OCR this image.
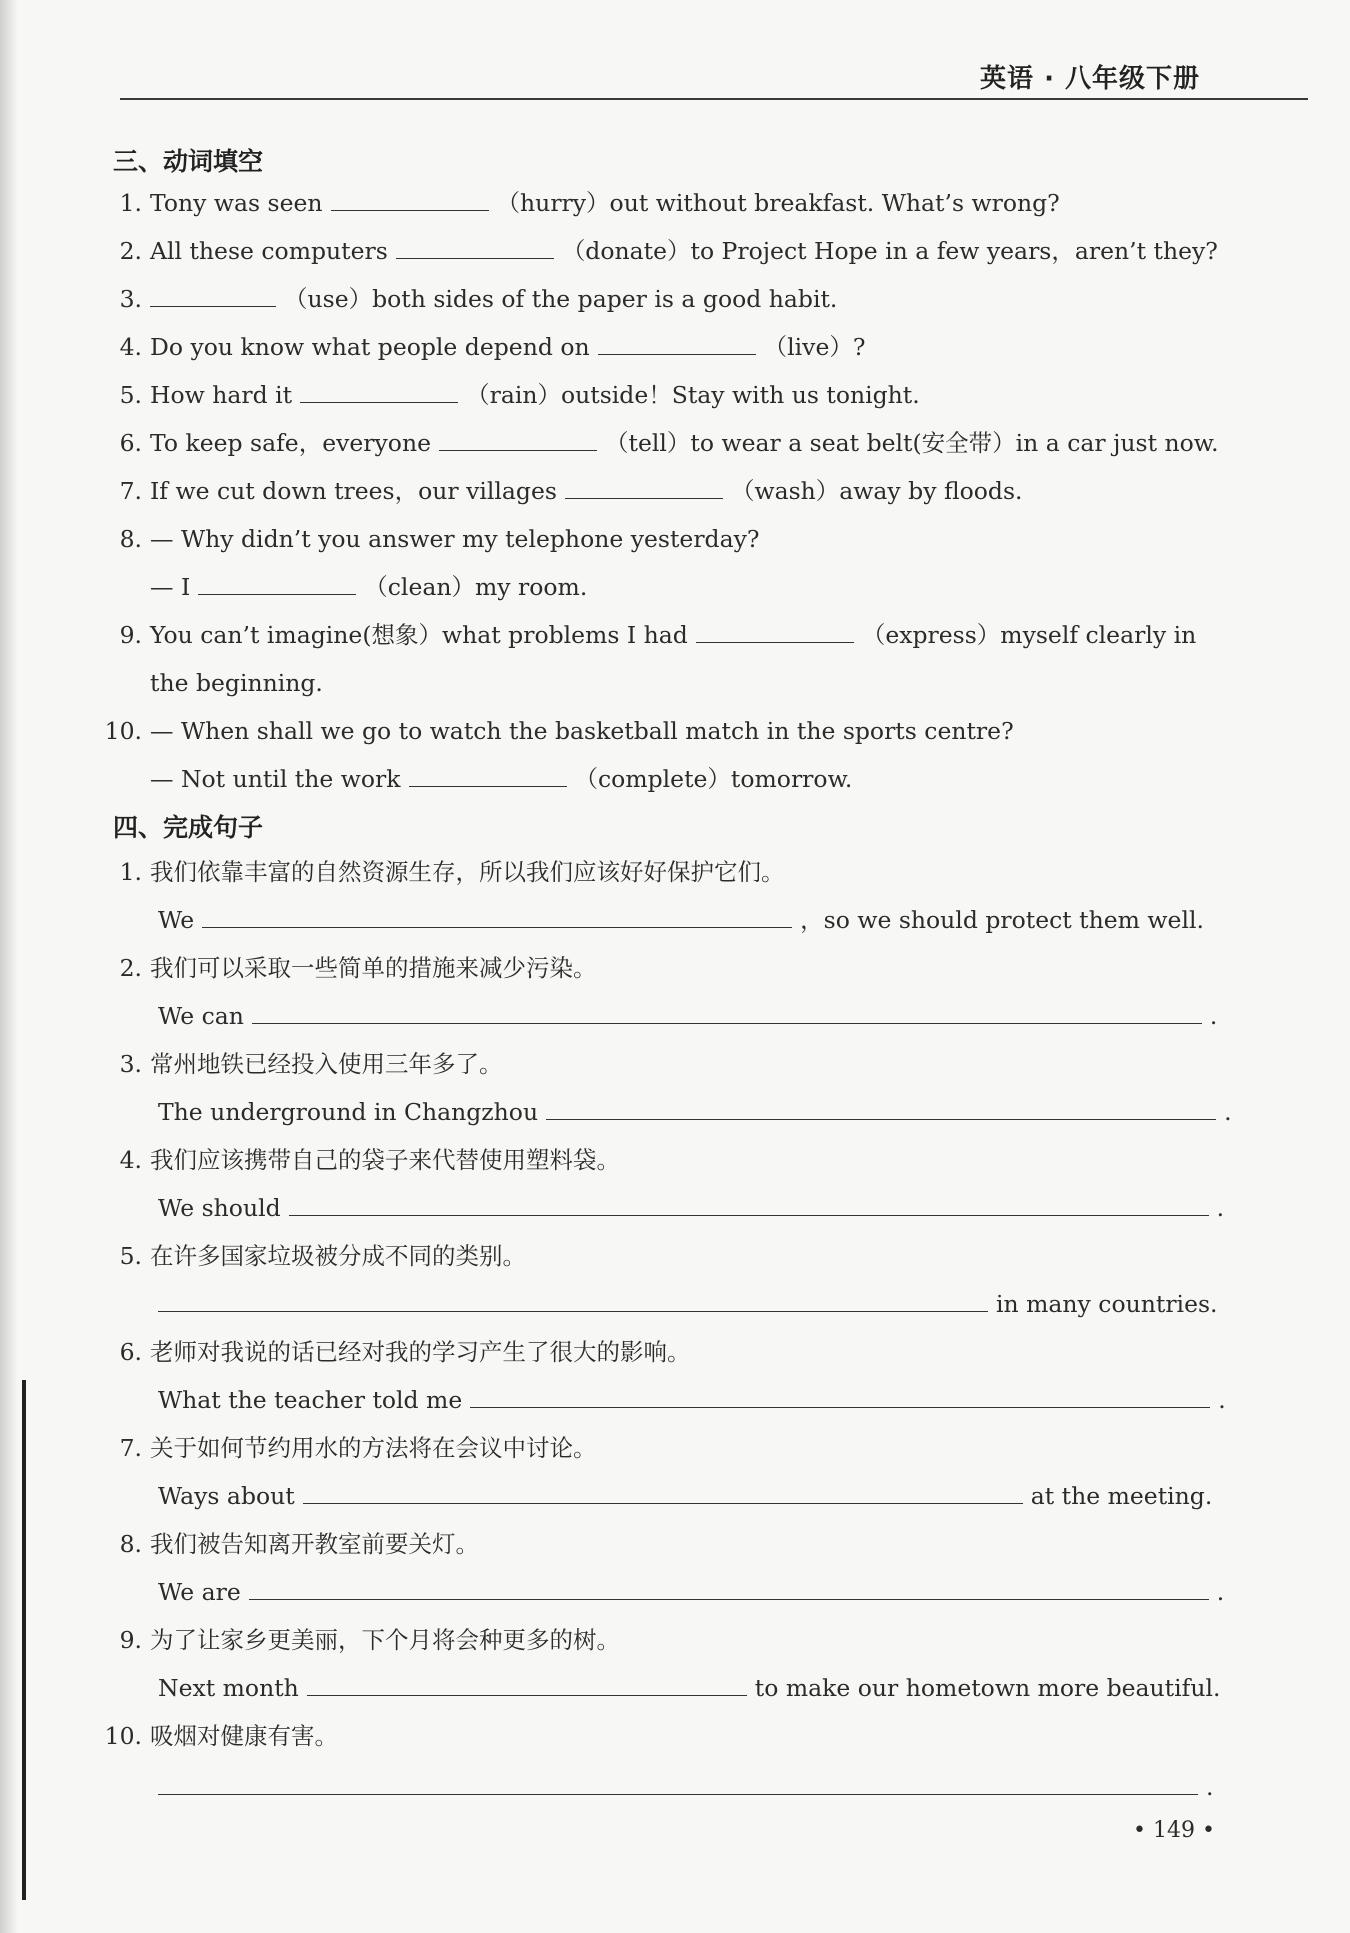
英语 · 八年级下册
三、动词填空
1. Tony was seen	（hurry）out without breakfast. What’s wrong?
2. All these computers	（donate）to Project Hope in a few years，aren’t they?
3.	（use）both sides of the paper is a good habit.
4. Do you know what people depend on	（live）?
5. How hard it	（rain）outside！Stay with us tonight.
6. To keep safe，everyone	（tell）to wear a seat belt(安全带）in a car just now.
7. If we cut down trees，our villages	（wash）away by floods.
8. — Why didn’t you answer my telephone yesterday?
— I	（clean）my room.
9. You can’t imagine(想象）what problems I had	（express）myself clearly in
the beginning.
10. — When shall we go to watch the basketball match in the sports centre?
— Not until the work	（complete）tomorrow.
四、完成句子
1. 我们依靠丰富的自然资源生存，所以我们应该好好保护它们。
We	，so we should protect them well.
2. 我们可以采取一些简单的措施来减少污染。
We can	.
3. 常州地铁已经投入使用三年多了。
The underground in Changzhou	.
4. 我们应该携带自己的袋子来代替使用塑料袋。
We should	.
5. 在许多国家垃圾被分成不同的类别。
in many countries.
6. 老师对我说的话已经对我的学习产生了很大的影响。
What the teacher told me	.
7. 关于如何节约用水的方法将在会议中讨论。
Ways about	at the meeting.
8. 我们被告知离开教室前要关灯。
We are	.
9. 为了让家乡更美丽，下个月将会种更多的树。
Next month	to make our hometown more beautiful.
10. 吸烟对健康有害。
.
• 149 •
